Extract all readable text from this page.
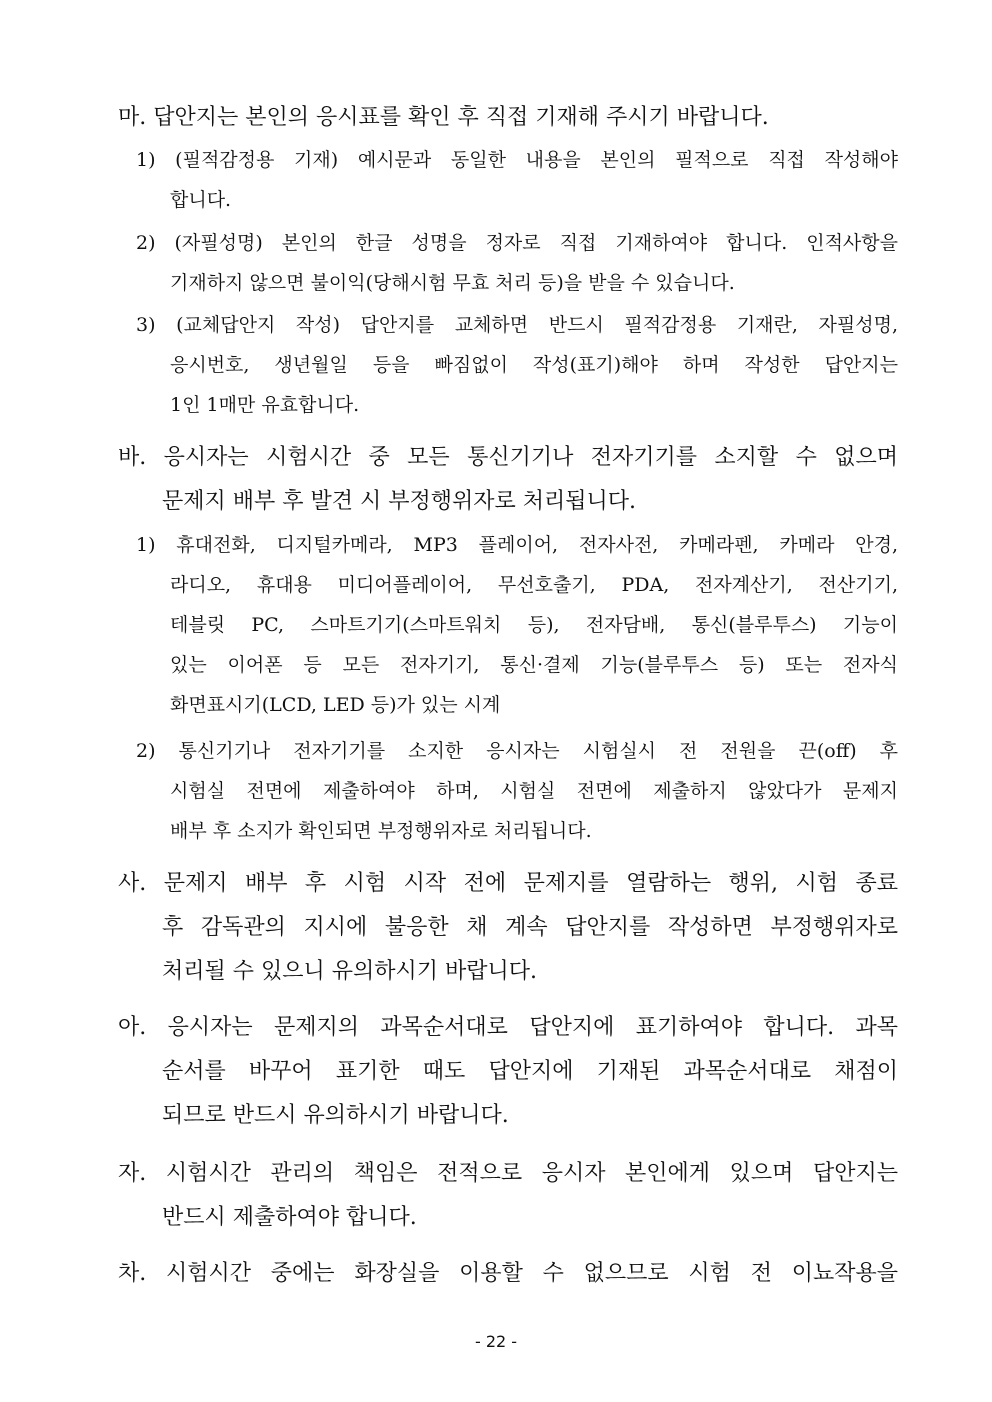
마. 답안지는 본인의 응시표를 확인 후 직접 기재해 주시기 바랍니다.
1) (필적감정용 기재) 예시문과 동일한 내용을 본인의 필적으로 직접 작성해야
합니다.
2) (자필성명) 본인의 한글 성명을 정자로 직접 기재하여야 합니다. 인적사항을
기재하지 않으면 불이익(당해시험 무효 처리 등)을 받을 수 있습니다.
3) (교체답안지 작성) 답안지를 교체하면 반드시 필적감정용 기재란, 자필성명,
응시번호, 생년월일 등을 빠짐없이 작성(표기)해야 하며 작성한 답안지는
1인 1매만 유효합니다.
바. 응시자는 시험시간 중 모든 통신기기나 전자기기를 소지할 수 없으며
문제지 배부 후 발견 시 부정행위자로 처리됩니다.
1) 휴대전화, 디지털카메라, MP3 플레이어, 전자사전, 카메라펜, 카메라 안경,
라디오, 휴대용 미디어플레이어, 무선호출기, PDA, 전자계산기, 전산기기,
테블릿 PC, 스마트기기(스마트워치 등), 전자담배, 통신(블루투스) 기능이
있는 이어폰 등 모든 전자기기, 통신·결제 기능(블루투스 등) 또는 전자식
화면표시기(LCD, LED 등)가 있는 시계
2) 통신기기나 전자기기를 소지한 응시자는 시험실시 전 전원을 끈(off) 후
시험실 전면에 제출하여야 하며, 시험실 전면에 제출하지 않았다가 문제지
배부 후 소지가 확인되면 부정행위자로 처리됩니다.
사. 문제지 배부 후 시험 시작 전에 문제지를 열람하는 행위, 시험 종료
후 감독관의 지시에 불응한 채 계속 답안지를 작성하면 부정행위자로
처리될 수 있으니 유의하시기 바랍니다.
아. 응시자는 문제지의 과목순서대로 답안지에 표기하여야 합니다. 과목
순서를 바꾸어 표기한 때도 답안지에 기재된 과목순서대로 채점이
되므로 반드시 유의하시기 바랍니다.
자. 시험시간 관리의 책임은 전적으로 응시자 본인에게 있으며 답안지는
반드시 제출하여야 합니다.
차. 시험시간 중에는 화장실을 이용할 수 없으므로 시험 전 이뇨작용을
- 22 -
